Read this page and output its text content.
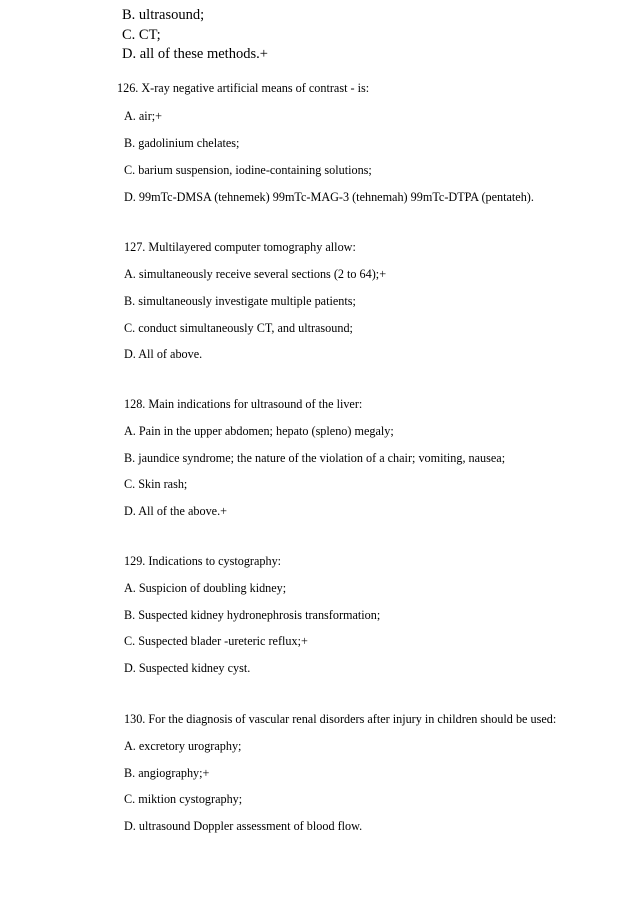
B. ultrasound;
C. CT;
D. all of these methods.+
126. X-ray negative artificial means of contrast - is:
A. air;+
B. gadolinium chelates;
C. barium suspension, iodine-containing solutions;
D. 99mTc-DMSA (tehnemek) 99mTc-MAG-3 (tehnemah) 99mTc-DTPA (pentateh).
127. Multilayered computer tomography allow:
A. simultaneously receive several sections (2 to 64);+
B. simultaneously investigate multiple patients;
C. conduct simultaneously CT, and ultrasound;
D. All of above.
128. Main indications for ultrasound of the liver:
A. Pain in the upper abdomen; hepato (spleno) megaly;
B. jaundice syndrome; the nature of the violation of a chair; vomiting, nausea;
C. Skin rash;
D. All of the above.+
129. Indications to cystography:
A. Suspicion of doubling kidney;
B. Suspected kidney hydronephrosis transformation;
C. Suspected blader -ureteric reflux;+
D. Suspected kidney cyst.
130. For the diagnosis of vascular renal disorders after injury in children should be used:
A. excretory urography;
B. angiography;+
C. miktion cystography;
D. ultrasound Doppler assessment of blood flow.
